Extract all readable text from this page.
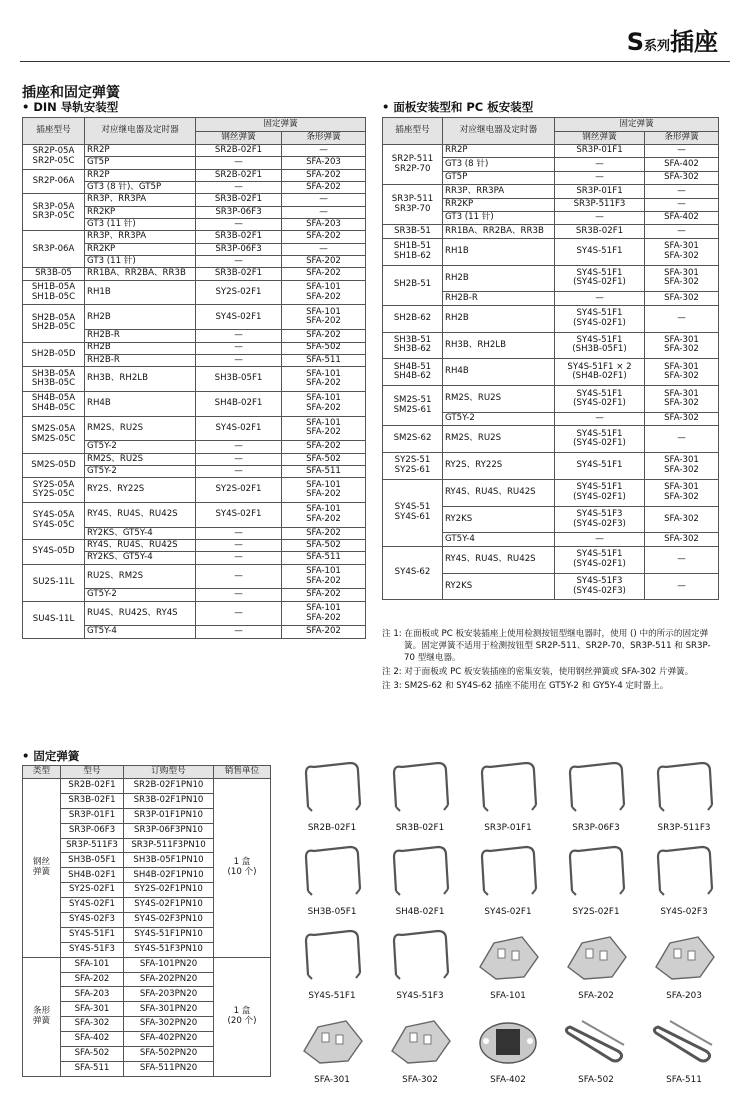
S系列插座
插座和固定弹簧
• DIN 导轨安装型	• 面板安装型和 PC 板安装型
插座型号	对应继电器及定时器	固定弹簧	
		钢丝弹簧	条形弹簧
SR2P-05A
SR2P-05C	RR2P	SR2B-02F1	—
	GT5P	—	SFA-203
SR2P-06A	RR2P	SR2B-02F1	SFA-202
	GT3 (8 针)、GT5P	—	SFA-202
SR3P-05A
SR3P-05C	RR3P、RR3PA	SR3B-02F1	—
	RR2KP	SR3P-06F3	—
	GT3 (11 针)	—	SFA-203
SR3P-06A	RR3P、RR3PA	SR3B-02F1	SFA-202
	RR2KP	SR3P-06F3	—
	GT3 (11 针)	—	SFA-202
SR3B-05	RR1BA、RR2BA、RR3B	SR3B-02F1	SFA-202
SH1B-05A
SH1B-05C	RH1B	SY2S-02F1	SFA-101
SFA-202
SH2B-05A
SH2B-05C	RH2B	SY4S-02F1	SFA-101
SFA-202
	RH2B-R	—	SFA-202
SH2B-05D	RH2B	—	SFA-502
	RH2B-R	—	SFA-511
SH3B-05A
SH3B-05C	RH3B、RH2LB	SH3B-05F1	SFA-101
SFA-202
SH4B-05A
SH4B-05C	RH4B	SH4B-02F1	SFA-101
SFA-202
SM2S-05A
SM2S-05C	RM2S、RU2S	SY4S-02F1	SFA-101
SFA-202
	GT5Y-2	—	SFA-202
SM2S-05D	RM2S、RU2S	—	SFA-502
	GT5Y-2	—	SFA-511
SY2S-05A
SY2S-05C	RY2S、RY22S	SY2S-02F1	SFA-101
SFA-202
SY4S-05A
SY4S-05C	RY4S、RU4S、RU42S	SY4S-02F1	SFA-101
SFA-202
	RY2KS、GT5Y-4	—	SFA-202
SY4S-05D	RY4S、RU4S、RU42S	—	SFA-502
	RY2KS、GT5Y-4	—	SFA-511
SU2S-11L	RU2S、RM2S	—	SFA-101
SFA-202
	GT5Y-2	—	SFA-202
SU4S-11L	RU4S、RU42S、RY4S	—	SFA-101
SFA-202
	GT5Y-4	—	SFA-202
插座型号	对应继电器及定时器	固定弹簧	
		钢丝弹簧	条形弹簧
SR2P-511
SR2P-70	RR2P	SR3P-01F1	—
	GT3 (8 针)	—	SFA-402
	GT5P	—	SFA-302
SR3P-511
SR3P-70	RR3P、RR3PA	SR3P-01F1	—
	RR2KP	SR3P-511F3	—
	GT3 (11 针)	—	SFA-402
SR3B-51	RR1BA、RR2BA、RR3B	SR3B-02F1	—
SH1B-51
SH1B-62	RH1B	SY4S-51F1	SFA-301
SFA-302
SH2B-51	RH2B	SY4S-51F1
(SY4S-02F1)	SFA-301
SFA-302
	RH2B-R	—	SFA-302
SH2B-62	RH2B	SY4S-51F1
(SY4S-02F1)	—
SH3B-51
SH3B-62	RH3B、RH2LB	SY4S-51F1
(SH3B-05F1)	SFA-301
SFA-302
SH4B-51
SH4B-62	RH4B	SY4S-51F1 × 2
(SH4B-02F1)	SFA-301
SFA-302
SM2S-51
SM2S-61	RM2S、RU2S	SY4S-51F1
(SY4S-02F1)	SFA-301
SFA-302
	GT5Y-2	—	SFA-302
SM2S-62	RM2S、RU2S	SY4S-51F1
(SY4S-02F1)	—
SY2S-51
SY2S-61	RY2S、RY22S	SY4S-51F1	SFA-301
SFA-302
SY4S-51
SY4S-61	RY4S、RU4S、RU42S	SY4S-51F1
(SY4S-02F1)	SFA-301
SFA-302
	RY2KS	SY4S-51F3
(SY4S-02F3)	SFA-302
	GT5Y-4	—	SFA-302
SY4S-62	RY4S、RU4S、RU42S	SY4S-51F1
(SY4S-02F1)	—
	RY2KS	SY4S-51F3
(SY4S-02F3)	—

注 1: 在面板或 PC 板安装插座上使用检测按钮型继电器时，使用 () 中的所示的固定弹簧。固定弹簧不适用于检测按钮型 SR2P-511、SR2P-70、SR3P-511 和 SR3P-70 型继电器。

注 2: 对于面板或 PC 板安装插座的密集安装，使用钢丝弹簧或 SFA-302 片弹簧。

注 3: SM2S-62 和 SY4S-62 插座不能用在 GT5Y-2 和 GY5Y-4 定时器上。

• 固定弹簧
类型	型号	订购型号	销售单位
钢丝
弹簧	SR2B-02F1	SR2B-02F1PN10	1 盒
(10 个)
	SR3B-02F1	SR3B-02F1PN10	
	SR3P-01F1	SR3P-01F1PN10	
	SR3P-06F3	SR3P-06F3PN10	
	SR3P-511F3	SR3P-511F3PN10	
	SH3B-05F1	SH3B-05F1PN10	
	SH4B-02F1	SH4B-02F1PN10	
	SY2S-02F1	SY2S-02F1PN10	
	SY4S-02F1	SY4S-02F1PN10	
	SY4S-02F3	SY4S-02F3PN10	
	SY4S-51F1	SY4S-51F1PN10	
	SY4S-51F3	SY4S-51F3PN10	
条形
弹簧	SFA-101	SFA-101PN20	1 盒
(20 个)
	SFA-202	SFA-202PN20	
	SFA-203	SFA-203PN20	
	SFA-301	SFA-301PN20	
	SFA-302	SFA-302PN20	
	SFA-402	SFA-402PN20	
	SFA-502	SFA-502PN20	
	SFA-511	SFA-511PN20	
SR2B-02F1	SR3B-02F1	SR3P-01F1	SR3P-06F3	SR3P-511F3
SH3B-05F1	SH4B-02F1	SY4S-02F1	SY2S-02F1	SY4S-02F3
SY4S-51F1	SY4S-51F3	SFA-101	SFA-202	SFA-203
SFA-301	SFA-302	SFA-402	SFA-502	SFA-511
